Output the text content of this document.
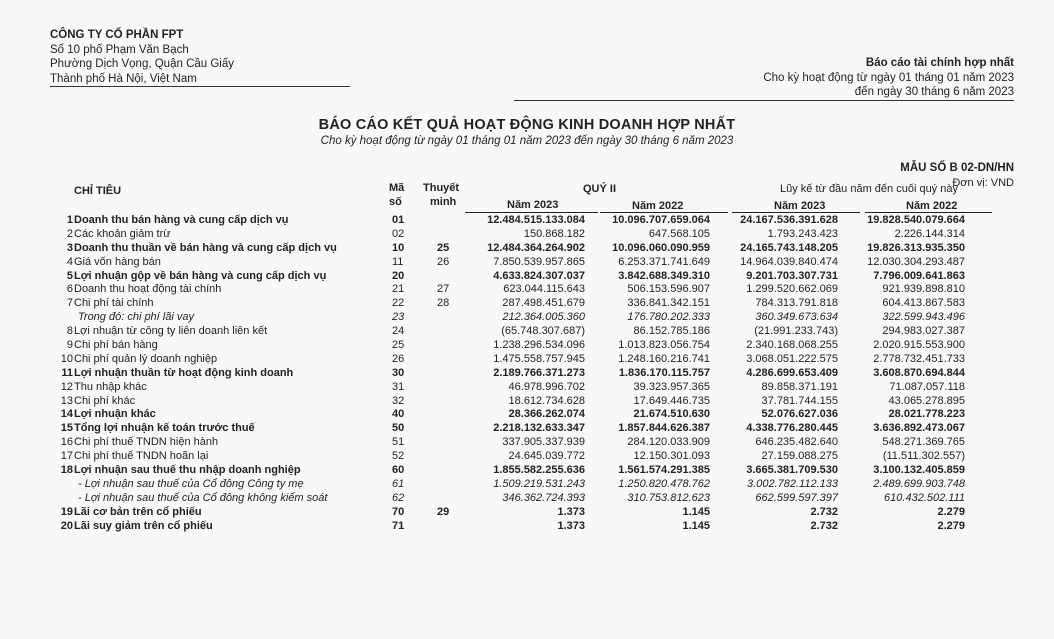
CÔNG TY CỔ PHẦN FPT
Số 10 phố Phạm Văn Bạch
Phường Dịch Vọng, Quận Cầu Giấy
Thành phố Hà Nội, Việt Nam
Báo cáo tài chính hợp nhất
Cho kỳ hoạt động từ ngày 01 tháng 01 năm 2023
đến ngày 30 tháng 6 năm 2023
BÁO CÁO KẾT QUẢ HOẠT ĐỘNG KINH DOANH HỢP NHẤT
Cho kỳ hoạt động từ ngày 01 tháng 01 năm 2023 đến ngày 30 tháng 6 năm 2023
MẪU SỐ B 02-DN/HN
Đơn vị: VND
CHỈ TIÊU	Mã
số
Thuyết
minh
QUÝ II	Lũy kế từ đầu năm đến cuối quý này
Năm 2023	Năm 2022	Năm 2023	Năm 2022
1 Doanh thu bán hàng và cung cấp dịch vụ	01	12.484.515.133.084	10.096.707.659.064	24.167.536.391.628	19.828.540.079.664
2 Các khoản giảm trừ	02	150.868.182	647.568.105	1.793.243.423	2.226.144.314
3 Doanh thu thuần về bán hàng và cung cấp dịch vụ	10	25	12.484.364.264.902	10.096.060.090.959	24.165.743.148.205	19.826.313.935.350
4 Giá vốn hàng bán	11	26	7.850.539.957.865	6.253.371.741.649	14.964.039.840.474	12.030.304.293.487
5 Lợi nhuận gộp về bán hàng và cung cấp dịch vụ	20	4.633.824.307.037	3.842.688.349.310	9.201.703.307.731	7.796.009.641.863
6 Doanh thu hoạt động tài chính	21	27	623.044.115.643	506.153.596.907	1.299.520.662.069	921.939.898.810
7 Chi phí tài chính	22	28	287.498.451.679	336.841.342.151	784.313.791.818	604.413.867.583
Trong đó: chi phí lãi vay	23	212.364.005.360	176.780.202.333	360.349.673.634	322.599.943.496
8 Lợi nhuận từ công ty liên doanh liên kết	24	(65.748.307.687)	86.152.785.186	(21.991.233.743)	294.983.027.387
9 Chi phí bán hàng	25	1.238.296.534.096	1.013.823.056.754	2.340.168.068.255	2.020.915.553.900
10 Chi phí quản lý doanh nghiệp	26	1.475.558.757.945	1.248.160.216.741	3.068.051.222.575	2.778.732.451.733
11 Lợi nhuận thuần từ hoạt động kinh doanh	30	2.189.766.371.273	1.836.170.115.757	4.286.699.653.409	3.608.870.694.844
12 Thu nhập khác	31	46.978.996.702	39.323.957.365	89.858.371.191	71.087.057.118
13 Chi phí khác	32	18.612.734.628	17.649.446.735	37.781.744.155	43.065.278.895
14 Lợi nhuận khác	40	28.366.262.074	21.674.510.630	52.076.627.036	28.021.778.223
15 Tổng lợi nhuận kế toán trước thuế	50	2.218.132.633.347	1.857.844.626.387	4.338.776.280.445	3.636.892.473.067
16 Chi phí thuế TNDN hiện hành	51	337.905.337.939	284.120.033.909	646.235.482.640	548.271.369.765
17 Chi phí thuế TNDN hoãn lại	52	24.645.039.772	12.150.301.093	27.159.088.275	(11.511.302.557)
18 Lợi nhuận sau thuế thu nhập doanh nghiệp	60	1.855.582.255.636	1.561.574.291.385	3.665.381.709.530	3.100.132.405.859
- Lợi nhuận sau thuế của Cổ đông Công ty mẹ	61	1.509.219.531.243	1.250.820.478.762	3.002.782.112.133	2.489.699.903.748
- Lợi nhuận sau thuế của Cổ đông không kiểm soát	62	346.362.724.393	310.753.812.623	662.599.597.397	610.432.502.111
19 Lãi cơ bản trên cổ phiếu	70	29	1.373	1.145	2.732	2.279
20 Lãi suy giảm trên cổ phiếu	71	1.373	1.145	2.732	2.279
